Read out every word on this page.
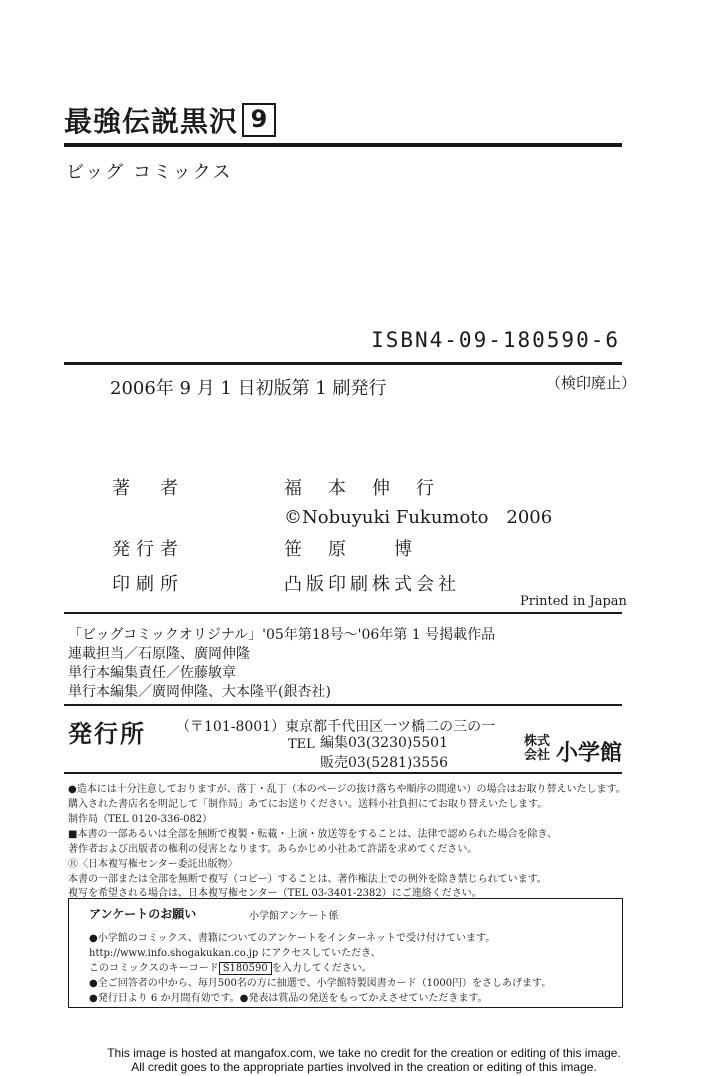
最強伝説黒沢 9
ビッグ コミックス
ISBN4-09-180590-6
2006年 9 月 1 日初版第 1 刷発行	（検印廃止）
著　者	福　本　伸　行
©Nobuyuki Fukumoto　2006
発行者	笹　原　　博
印刷所	凸版印刷株式会社
Printed in Japan
「ビッグコミックオリジナル」'05年第18号～'06年第 1 号掲載作品
連載担当／石原隆、廣岡伸隆
単行本編集責任／佐藤敏章
単行本編集／廣岡伸隆、大本隆平(銀杏社)
発行所 （〒101-8001）東京都千代田区一ツ橋二の三の一
TEL 編集03(3230)5501
販売03(5281)3556
株式
会社 小学館
●造本には十分注意しておりますが、落丁・乱丁（本のページの抜け落ちや順序の間違い）の場合はお取り替えいたします。
購入された書店名を明記して「制作局」あてにお送りください。送料小社負担にてお取り替えいたします。
制作局（TEL 0120-336-082）
■本書の一部あるいは全部を無断で複製・転載・上演・放送等をすることは、法律で認められた場合を除き、
著作者および出版者の権利の侵害となります。あらかじめ小社あて許諾を求めてください。
Ⓡ〈日本複写権センター委託出版物〉
本書の一部または全部を無断で複写（コピー）することは、著作権法上での例外を除き禁じられています。
複写を希望される場合は、日本複写権センター（TEL 03-3401-2382）にご連絡ください。
アンケートのお願い	小学館アンケート係
●小学館のコミックス、書籍についてのアンケートをインターネットで受け付けています。
http://www.info.shogakukan.co.jp にアクセスしていただき、
このコミックスのキーコード S180590 を入力してください。
●全ご回答者の中から、毎月500名の方に抽選で、小学館特製図書カード（1000円）をさしあげます。
●発行日より 6 か月間有効です。●発表は賞品の発送をもってかえさせていただきます。
This image is hosted at mangafox.com, we take no credit for the creation or editing of this image.
All credit goes to the appropriate parties involved in the creation or editing of this image.
